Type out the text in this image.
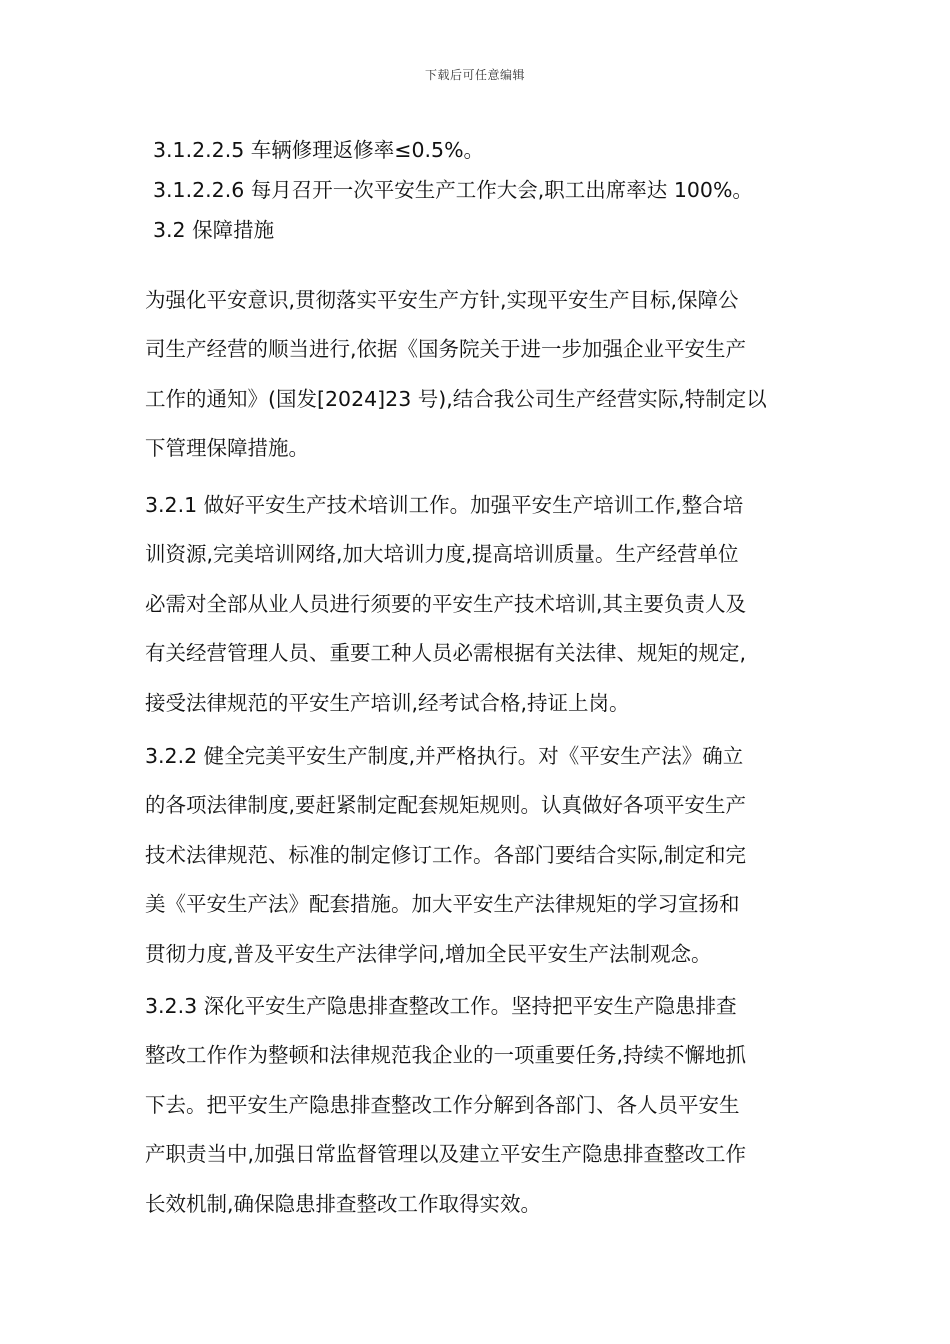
下载后可任意编辑

3.1.2.2.5 车辆修理返修率≤0.5%。

3.1.2.2.6 每月召开一次平安生产工作大会,职工出席率达 100%。

3.2 保障措施

为强化平安意识,贯彻落实平安生产方针,实现平安生产目标,保障公
司生产经营的顺当进行,依据《国务院关于进一步加强企业平安生产
工作的通知》(国发[2024]23 号),结合我公司生产经营实际,特制定以
下管理保障措施。
3.2.1 做好平安生产技术培训工作。加强平安生产培训工作,整合培
训资源,完美培训网络,加大培训力度,提高培训质量。生产经营单位
必需对全部从业人员进行须要的平安生产技术培训,其主要负责人及
有关经营管理人员、重要工种人员必需根据有关法律、规矩的规定,
接受法律规范的平安生产培训,经考试合格,持证上岗。
3.2.2 健全完美平安生产制度,并严格执行。对《平安生产法》确立
的各项法律制度,要赶紧制定配套规矩规则。认真做好各项平安生产
技术法律规范、标准的制定修订工作。各部门要结合实际,制定和完
美《平安生产法》配套措施。加大平安生产法律规矩的学习宣扬和
贯彻力度,普及平安生产法律学问,增加全民平安生产法制观念。
3.2.3 深化平安生产隐患排查整改工作。坚持把平安生产隐患排查
整改工作作为整顿和法律规范我企业的一项重要任务,持续不懈地抓
下去。把平安生产隐患排查整改工作分解到各部门、各人员平安生
产职责当中,加强日常监督管理以及建立平安生产隐患排查整改工作
长效机制,确保隐患排查整改工作取得实效。
